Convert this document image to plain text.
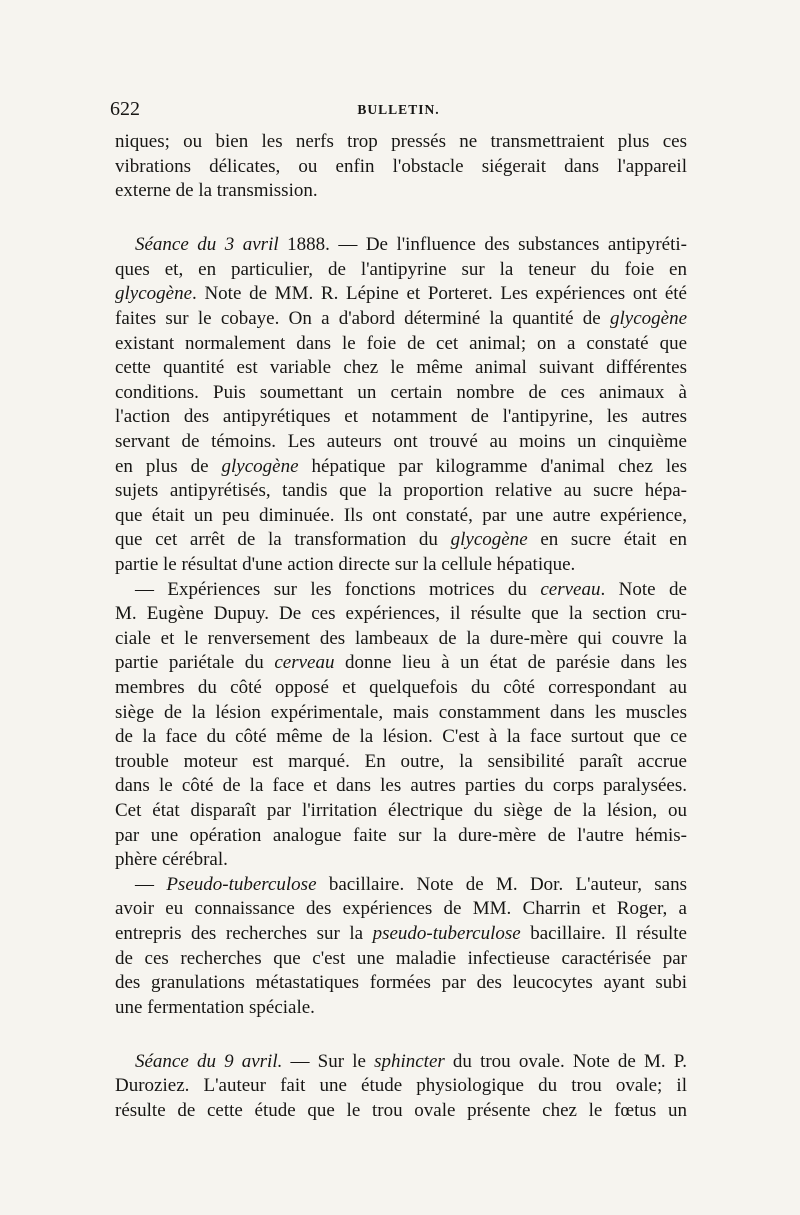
622	BULLETIN.
niques; ou bien les nerfs trop pressés ne transmettraient plus ces
vibrations délicates, ou enfin l'obstacle siégerait dans l'appareil
externe de la transmission.
Séance du 3 avril 1888. — De l'influence des substances antipyréti-
ques et, en particulier, de l'antipyrine sur la teneur du foie en
glycogène. Note de MM. R. Lépine et Porteret. Les expériences ont été
faites sur le cobaye. On a d'abord déterminé la quantité de glycogène
existant normalement dans le foie de cet animal; on a constaté que
cette quantité est variable chez le même animal suivant différentes
conditions. Puis soumettant un certain nombre de ces animaux à
l'action des antipyrétiques et notamment de l'antipyrine, les autres
servant de témoins. Les auteurs ont trouvé au moins un cinquième
en plus de glycogène hépatique par kilogramme d'animal chez les
sujets antipyrétisés, tandis que la proportion relative au sucre hépa-
que était un peu diminuée. Ils ont constaté, par une autre expérience,
que cet arrêt de la transformation du glycogène en sucre était en
partie le résultat d'une action directe sur la cellule hépatique.
— Expériences sur les fonctions motrices du cerveau. Note de
M. Eugène Dupuy. De ces expériences, il résulte que la section cru-
ciale et le renversement des lambeaux de la dure-mère qui couvre la
partie pariétale du cerveau donne lieu à un état de parésie dans les
membres du côté opposé et quelquefois du côté correspondant au
siège de la lésion expérimentale, mais constamment dans les muscles
de la face du côté même de la lésion. C'est à la face surtout que ce
trouble moteur est marqué. En outre, la sensibilité paraît accrue
dans le côté de la face et dans les autres parties du corps paralysées.
Cet état disparaît par l'irritation électrique du siège de la lésion, ou
par une opération analogue faite sur la dure-mère de l'autre hémis-
phère cérébral.
— Pseudo-tuberculose bacillaire. Note de M. Dor. L'auteur, sans
avoir eu connaissance des expériences de MM. Charrin et Roger, a
entrepris des recherches sur la pseudo-tuberculose bacillaire. Il résulte
de ces recherches que c'est une maladie infectieuse caractérisée par
des granulations métastatiques formées par des leucocytes ayant subi
une fermentation spéciale.
Séance du 9 avril. — Sur le sphincter du trou ovale. Note de M. P.
Duroziez. L'auteur fait une étude physiologique du trou ovale; il
résulte de cette étude que le trou ovale présente chez le fœtus un
